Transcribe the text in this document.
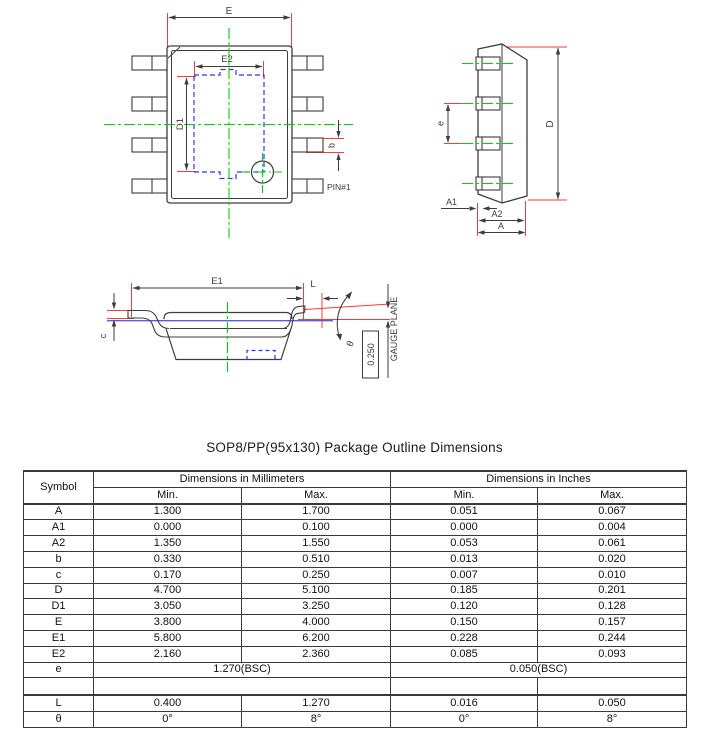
E
E2
D1
b
PIN#1
e	D
A1
A2
A
E1	L
c
θ 0.250 GAUGE PLANE
SOP8/PP(95x130) Package Outline Dimensions
Symbol	Dimensions in Millimeters		Dimensions in Inches	
	Min.	Max.	Min.	Max.
A	1.300	1.700	0.051	0.067
A1	0.000	0.100	0.000	0.004
A2	1.350	1.550	0.053	0.061
b	0.330	0.510	0.013	0.020
c	0.170	0.250	0.007	0.010
D	4.700	5.100	0.185	0.201
D1	3.050	3.250	0.120	0.128
E	3.800	4.000	0.150	0.157
E1	5.800	6.200	0.228	0.244
E2	2.160	2.360	0.085	0.093
e	1.270(BSC)		0.050(BSC)	

L	0.400	1.270	0.016	0.050
θ	0°	8°	0°	8°
